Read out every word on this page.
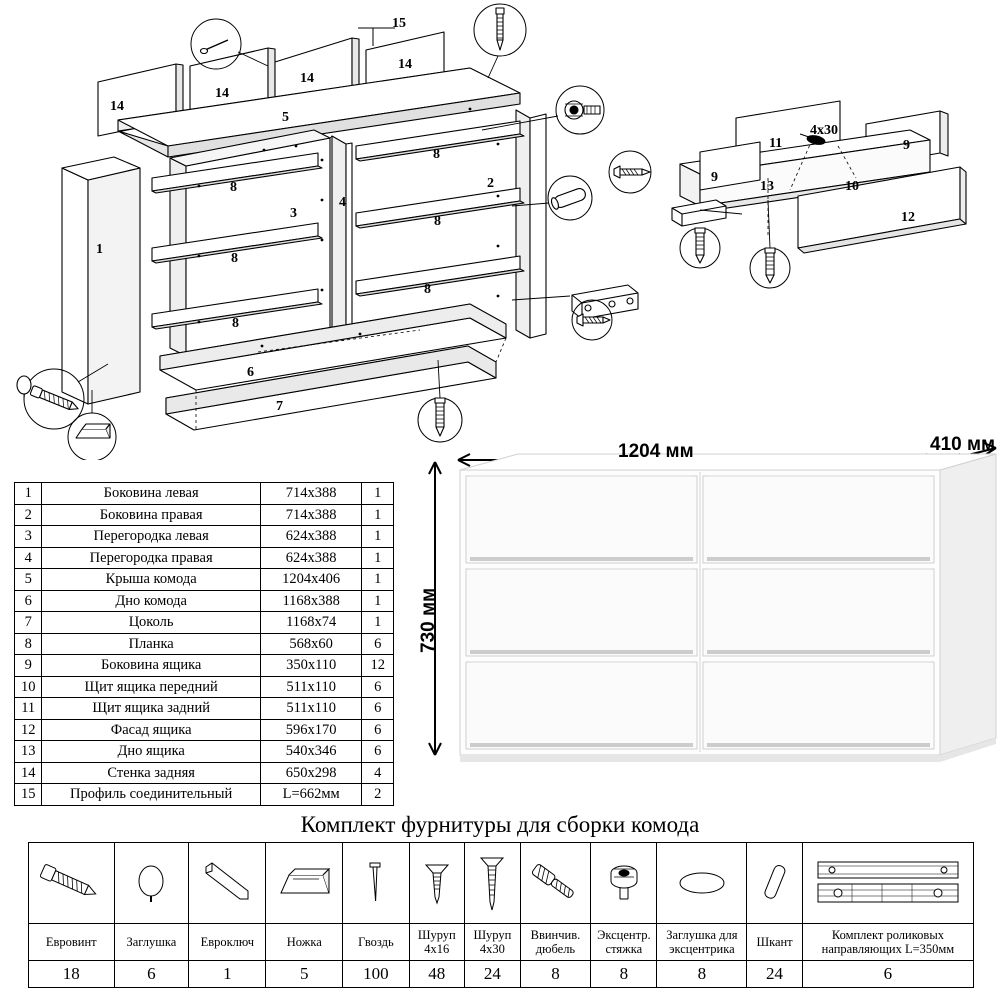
1
2
3
4
5
6
7
8
8
8
8
8
8
14
14
14
14
15
9
9
10
11
12
13
4х30
1	Боковина левая	714х388	1
2	Боковина правая	714х388	1
3	Перегородка левая	624х388	1
4	Перегородка правая	624х388	1
5	Крыша комода	1204х406	1
6	Дно комода	1168х388	1
7	Цоколь	1168х74	1
8	Планка	568х60	6
9	Боковина ящика	350х110	12
10	Щит ящика передний	511х110	6
11	Щит ящика задний	511х110	6
12	Фасад ящика	596х170	6
13	Дно ящика	540х346	6
14	Стенка задняя	650х298	4
15	Профиль соединительный	L=662мм	2
1204 мм	410 мм
730 мм
Комплект фурнитуры для сборки комода

Евровинт	Заглушка	Евроключ	Ножка	Гвоздь	Шуруп 4х16	Шуруп 4х30	Ввинчив. дюбель	Эксцентр. стяжка	Заглушка для эксцентрика	Шкант	Комплект роликовых направляющих L=350мм
18	6	1	5	100	48	24	8	8	8	24	6
